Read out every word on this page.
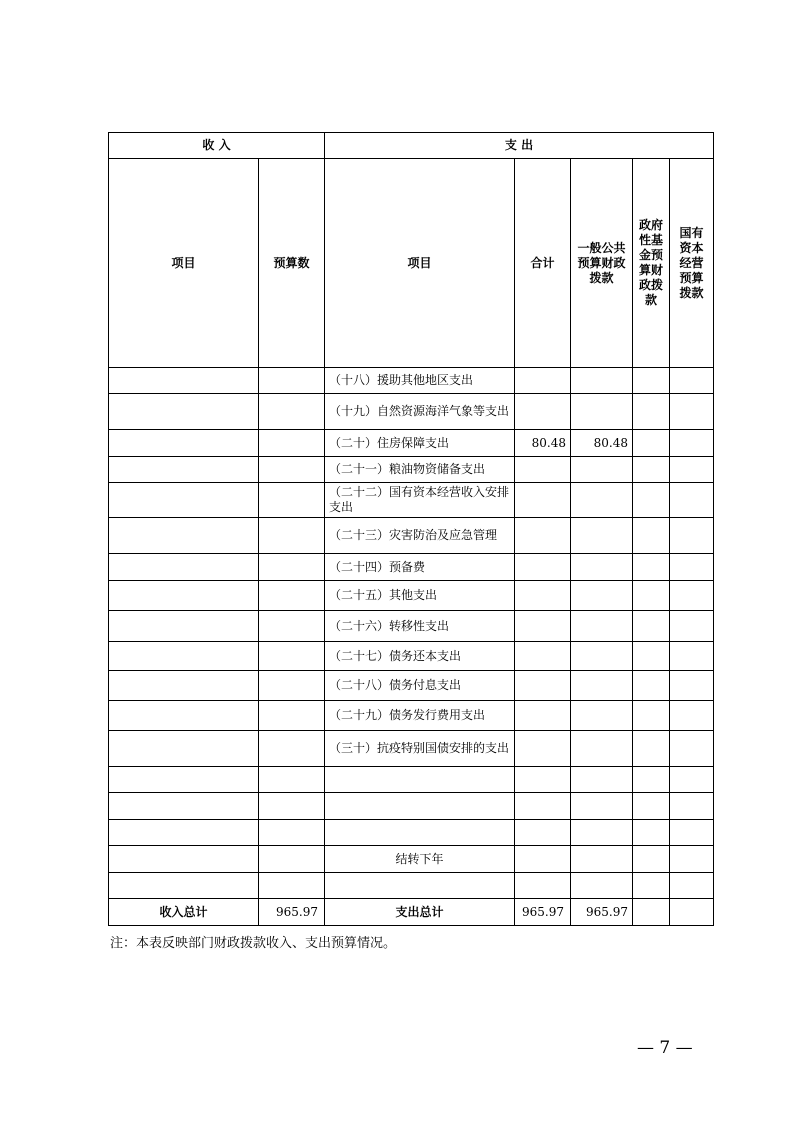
收 入		支 出				
项目	预算数	项目	合计	一般公共预算财政拨款	政府性基金预算财政拨款	国有资本经营预算拨款
		（十八）援助其他地区支出				
		（十九）自然资源海洋气象等支出				
		（二十）住房保障支出	80.48	80.48		
		（二十一）粮油物资储备支出				
		（二十二）国有资本经营收入安排支出				
		（二十三）灾害防治及应急管理				
		（二十四）预备费				
		（二十五）其他支出				
		（二十六）转移性支出				
		（二十七）债务还本支出				
		（二十八）债务付息支出				
		（二十九）债务发行费用支出				
		（三十）抗疫特别国债安排的支出				

		结转下年				

收入总计	965.97	支出总计	965.97	965.97		
注：本表反映部门财政拨款收入、支出预算情况。
— 7 —
